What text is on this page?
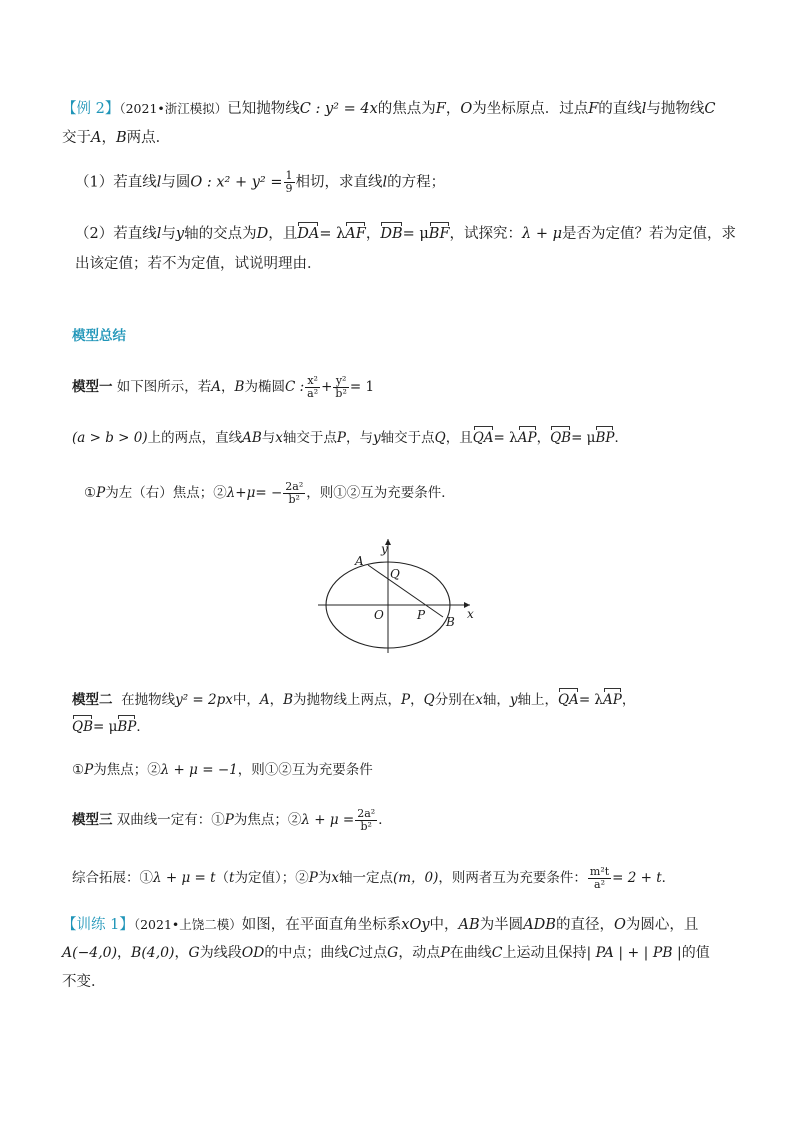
【例 2】（2021•浙江模拟）已知抛物线C : y² = 4x的焦点为F，O为坐标原点．过点F的直线l与抛物线C
交于A，B两点．
（1）若直线l与圆O : $x^2 + y^2 = \frac{1}{9}$ 相切，求直线l的方程；
（2）若直线l与y轴的交点为D，且DA= λAF，DB= μBF，试探究：λ + μ是否为定值？若为定值，求
出该定值；若不为定值，试说明理由．
模型总结
模型一 如下图所示，若A，B为椭圆C : $\frac{\text{x²}}{\text{a²}} + \frac{\text{y²}}{\text{b²}} = 1$
(a > b > 0)上的两点，直线AB与x轴交于点P，与y轴交于点Q，且QA= λAP，QB= μBP．
①P为左（右）焦点；②λ+μ= − $\frac{\text{2a²}}{\text{b²}}$ ，则①②互为充要条件．
y
x
A
Q
O	P B
模型二 在抛物线y² = 2px中，A，B为抛物线上两点，P，Q分别在x轴，y轴上，QA= λAP，
QB= μBP．
①P为焦点；②λ + μ = −1，则①②互为充要条件
模型三 双曲线一定有：①P为焦点；②λ + $\mu = \frac{\text{2a²}}{\text{b²}}$ ．
综合拓展：①λ + μ = t（t为定值）；②P为x轴一定点(m，0)，则两者互为充要条件： $\frac{\text{m²t}}{\text{a²}} = 2 + t$．
【训练 1】（2021•上饶二模）如图，在平面直角坐标系xOy中，AB为半圆ADB的直径，O为圆心，且
A(−4,0)，B(4,0)，G为线段OD的中点；曲线C过点G，动点P在曲线C上运动且保持| PA | + | PB |的值
不变．
